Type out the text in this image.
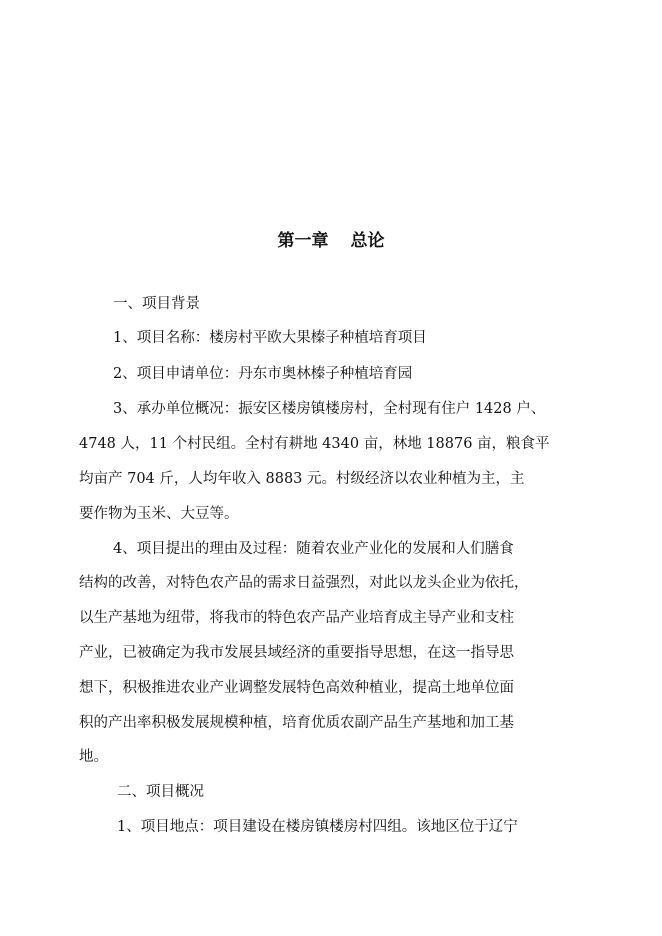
第一章 总论
一、项目背景
1、项目名称：楼房村平欧大果榛子种植培育项目
2、项目申请单位：丹东市奥林榛子种植培育园
3、承办单位概况：振安区楼房镇楼房村，全村现有住户 1428 户、
4748 人，11 个村民组。全村有耕地 4340 亩，林地 18876 亩，粮食平
均亩产 704 斤，人均年收入 8883 元。村级经济以农业种植为主，主
要作物为玉米、大豆等。
4、项目提出的理由及过程：随着农业产业化的发展和人们膳食
结构的改善，对特色农产品的需求日益强烈，对此以龙头企业为依托，
以生产基地为纽带，将我市的特色农产品产业培育成主导产业和支柱
产业，已被确定为我市发展县域经济的重要指导思想，在这一指导思
想下，积极推进农业产业调整发展特色高效种植业，提高土地单位面
积的产出率积极发展规模种植，培育优质农副产品生产基地和加工基
地。
二、项目概况
1、项目地点：项目建设在楼房镇楼房村四组。该地区位于辽宁
